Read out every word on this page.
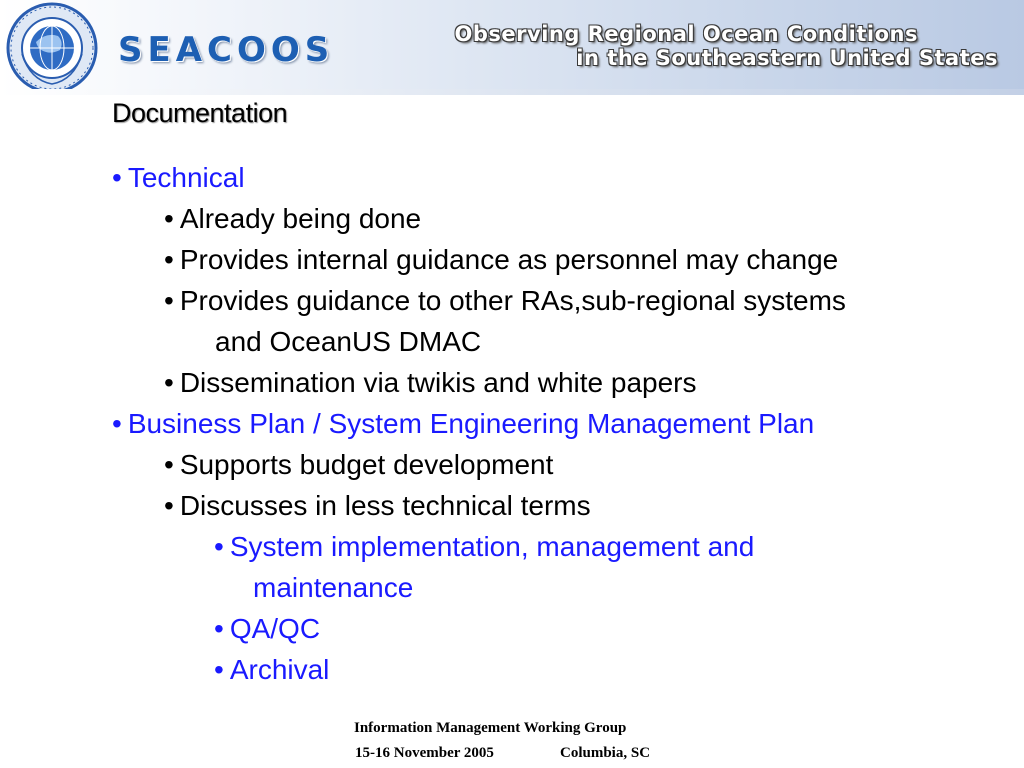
SEACOOS	Observing Regional Ocean Conditions
in the Southeastern United States
Documentation
• Technical
• Already being done
• Provides internal guidance as personnel may change
• Provides guidance to other RAs,sub-regional systems
and OceanUS DMAC
• Dissemination via twikis and white papers
• Business Plan / System Engineering Management Plan
• Supports budget development
• Discusses in less technical terms
• System implementation, management and
maintenance
• QA/QC
• Archival
Information Management Working Group
15-16 November 2005	Columbia, SC
